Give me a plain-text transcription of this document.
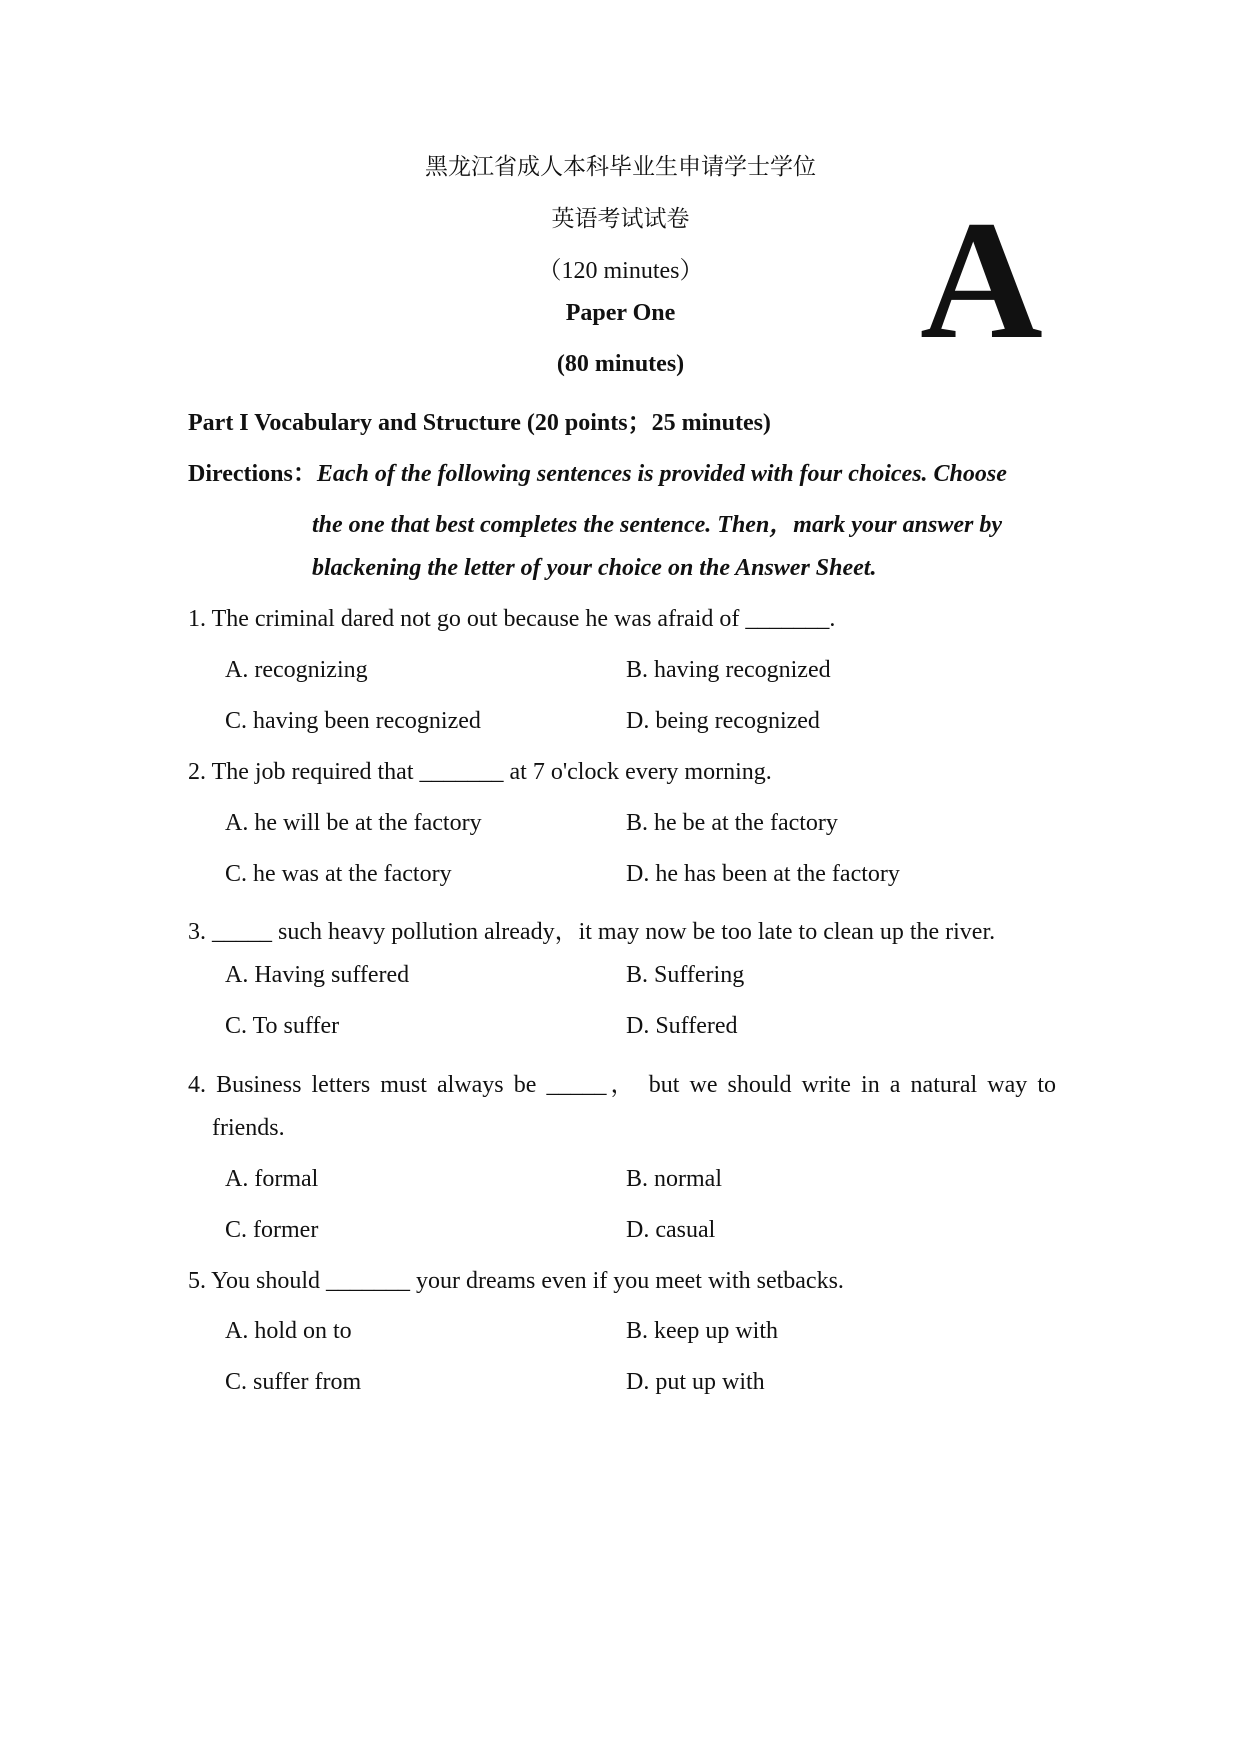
黑龙江省成人本科毕业生申请学士学位
英语考试试卷
（120 minutes）
Paper One
(80 minutes)	A
Part I Vocabulary and Structure (20 points；25 minutes)
Directions：Each of the following sentences is provided with four choices. Choose
the one that best completes the sentence. Then，mark your answer by
blackening the letter of your choice on the Answer Sheet.
1. The criminal dared not go out because he was afraid of _______.
A. recognizing	B. having recognized
C. having been recognized	D. being recognized
2. The job required that _______ at 7 o'clock every morning.
A. he will be at the factory	B. he be at the factory
C. he was at the factory	D. he has been at the factory
3. _____ such heavy pollution already，it may now be too late to clean up the river.
A. Having suffered	B. Suffering
C. To suffer	D. Suffered
4. Business letters must always be _____， but we should write in a natural way to
friends.
A. formal	B. normal
C. former	D. casual
5. You should _______ your dreams even if you meet with setbacks.
A. hold on to	B. keep up with
C. suffer from	D. put up with
